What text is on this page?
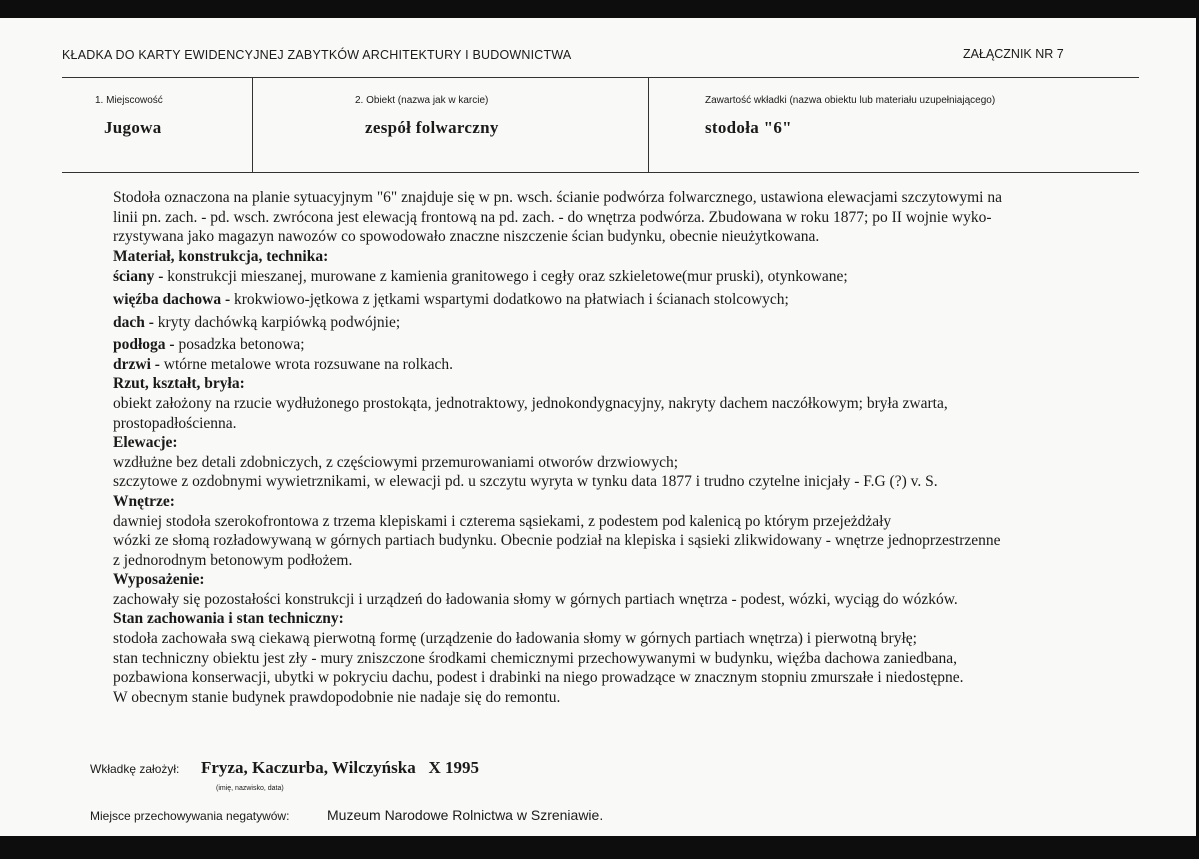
KŁADKA DO KARTY EWIDENCYJNEJ ZABYTKÓW ARCHITEKTURY I BUDOWNICTWA	ZAŁĄCZNIK NR 7
1. Miejscowość
Jugowa
2. Obiekt (nazwa jak w karcie)
zespół folwarczny
Zawartość wkładki (nazwa obiektu lub materiału uzupełniającego)
stodoła "6"

Stodoła oznaczona na planie sytuacyjnym "6" znajduje się w pn. wsch. ścianie podwórza folwarcznego, ustawiona elewacjami szczytowymi na

linii pn. zach. - pd. wsch. zwrócona jest elewacją frontową na pd. zach. - do wnętrza podwórza. Zbudowana w roku 1877; po II wojnie wyko-

rzystywana jako magazyn nawozów co spowodowało znaczne niszczenie ścian budynku, obecnie nieużytkowana.

Materiał, konstrukcja, technika:

ściany - konstrukcji mieszanej, murowane z kamienia granitowego i cegły oraz szkieletowe(mur pruski), otynkowane;

więźba dachowa - krokwiowo-jętkowa z jętkami wspartymi dodatkowo na płatwiach i ścianach stolcowych;

dach - kryty dachówką karpiówką podwójnie;

podłoga - posadzka betonowa;

drzwi - wtórne metalowe wrota rozsuwane na rolkach.

Rzut, kształt, bryła:

obiekt założony na rzucie wydłużonego prostokąta, jednotraktowy, jednokondygnacyjny, nakryty dachem naczółkowym; bryła zwarta,

prostopadłościenna.

Elewacje:

wzdłużne bez detali zdobniczych, z częściowymi przemurowaniami otworów drzwiowych;

szczytowe z ozdobnymi wywietrznikami, w elewacji pd. u szczytu wyryta w tynku data 1877 i trudno czytelne inicjały - F.G (?) v. S.

Wnętrze:

dawniej stodoła szerokofrontowa z trzema klepiskami i czterema sąsiekami, z podestem pod kalenicą po którym przejeżdżały

wózki ze słomą rozładowywaną w górnych partiach budynku. Obecnie podział na klepiska i sąsieki zlikwidowany - wnętrze jednoprzestrzenne

z jednorodnym betonowym podłożem.

Wyposażenie:

zachowały się pozostałości konstrukcji i urządzeń do ładowania słomy w górnych partiach wnętrza - podest, wózki, wyciąg do wózków.

Stan zachowania i stan techniczny:

stodoła zachowała swą ciekawą pierwotną formę (urządzenie do ładowania słomy w górnych partiach wnętrza) i pierwotną bryłę;

stan techniczny obiektu jest zły - mury zniszczone środkami chemicznymi przechowywanymi w budynku, więźba dachowa zaniedbana,

pozbawiona konserwacji, ubytki w pokryciu dachu, podest i drabinki na niego prowadzące w znacznym stopniu zmurszałe i niedostępne.

W obecnym stanie budynek prawdopodobnie nie nadaje się do remontu.

Wkładkę założył: Fryza, Kaczurba, Wilczyńska   X 1995
(imię, nazwisko, data)
Miejsce przechowywania negatywów:	Muzeum Narodowe Rolnictwa w Szreniawie.
